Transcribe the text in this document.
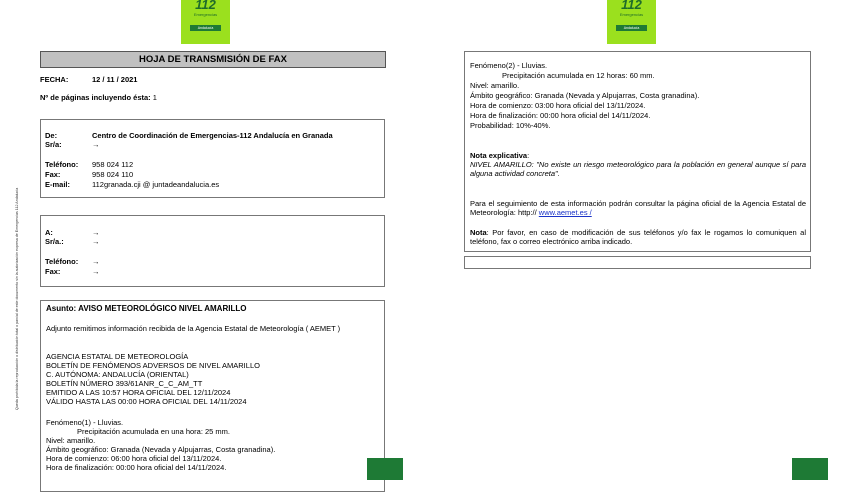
112
Emergencias
Andalucía
112
Emergencias
Andalucía
Queda prohibida la reproducción o distribución total o parcial de este documento sin la autorización expresa de Emergencias 112 Andalucía
HOJA DE TRANSMISIÓN DE FAX
FECHA:	12 / 11 / 2021
Nº de páginas incluyendo ésta: 1
De:	Centro de Coordinación de Emergencias-112 Andalucía en Granada
Sr/a:	→
Teléfono: 958 024 112
Fax:	958 024 110
E-mail:	112granada.cji @ juntadeandalucia.es
A:	→
Sr/a.:	→
Teléfono: →
Fax:	→
Asunto: AVISO METEOROLÓGICO NIVEL AMARILLO
Adjunto remitimos información recibida de la Agencia Estatal de Meteorología ( AEMET )
AGENCIA ESTATAL DE METEOROLOGÍA
BOLETÍN DE FENÓMENOS ADVERSOS DE NIVEL AMARILLO
C. AUTÓNOMA: ANDALUCÍA (ORIENTAL)
BOLETÍN NÚMERO 393/61ANR_C_C_AM_TT
EMITIDO A LAS 10:57 HORA OFICIAL DEL 12/11/2024
VÁLIDO HASTA LAS 00:00 HORA OFICIAL DEL 14/11/2024
Fenómeno(1) - Lluvias.
Precipitación acumulada en una hora: 25 mm.
Nivel: amarillo.
Ámbito geográfico: Granada (Nevada y Alpujarras, Costa granadina).
Hora de comienzo: 06:00 hora oficial del 13/11/2024.
Hora de finalización: 00:00 hora oficial del 14/11/2024.
Fenómeno(2) - Lluvias.
Precipitación acumulada en 12 horas: 60 mm.
Nivel: amarillo.
Ámbito geográfico: Granada (Nevada y Alpujarras, Costa granadina).
Hora de comienzo: 03:00 hora oficial del 13/11/2024.
Hora de finalización: 00:00 hora oficial del 14/11/2024.
Probabilidad: 10%-40%.
Nota explicativa:
NIVEL AMARILLO: "No existe un riesgo meteorológico para la población en general aunque sí para alguna actividad concreta".
Para el seguimiento de esta información podrán consultar la página oficial de la Agencia Estatal de Meteorología: http:// www.aemet.es /
Nota: Por favor, en caso de modificación de sus teléfonos y/o fax le rogamos lo comuniquen al teléfono, fax o correo electrónico arriba indicado.
